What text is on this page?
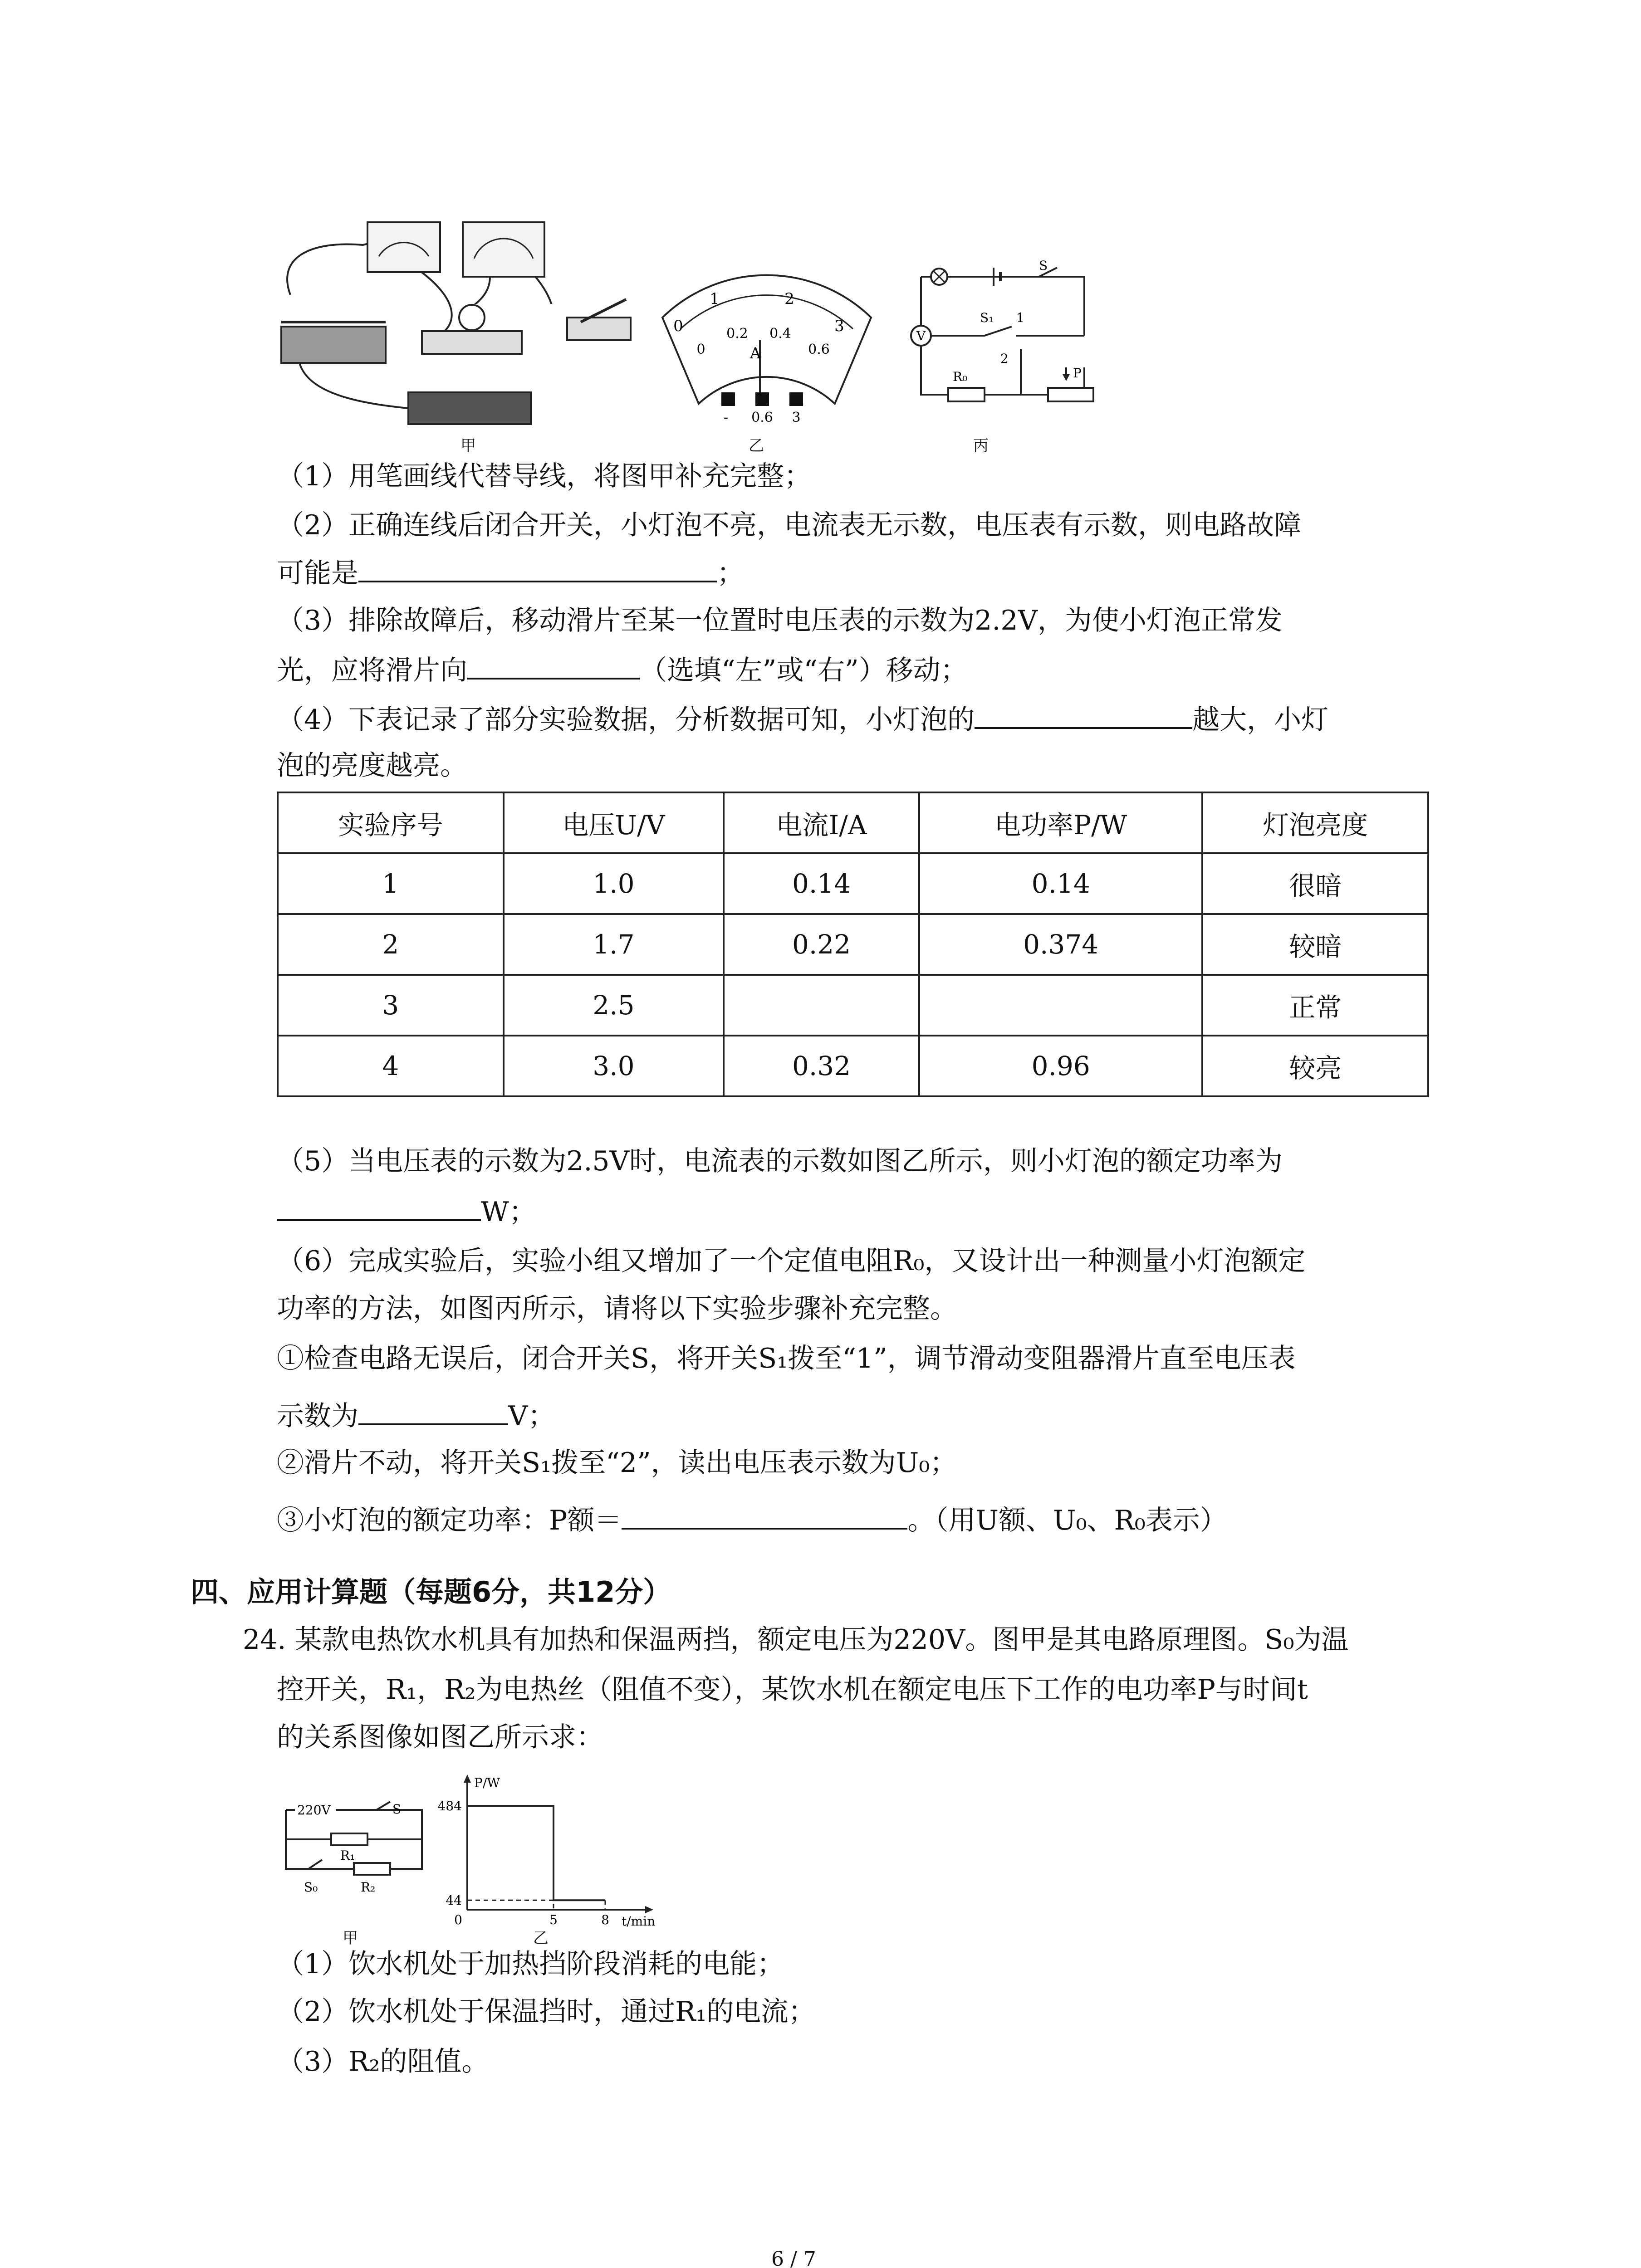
甲
1	2
3
0
0
0.2 0.4
0.6
A
- 0.6 3
乙
S
S₁ 1
2
V
R₀	P
丙
（1）用笔画线代替导线，将图甲补充完整；
（2）正确连线后闭合开关，小灯泡不亮，电流表无示数，电压表有示数，则电路故障
可能是	；
（3）排除故障后，移动滑片至某一位置时电压表的示数为2.2V，为使小灯泡正常发
光，应将滑片向	（选填“左”或“右”）移动；
（4）下表记录了部分实验数据，分析数据可知，小灯泡的	越大，小灯
泡的亮度越亮。
实验序号	电压U/V	电流I/A	电功率P/W	灯泡亮度
1	1.0	0.14	0.14	很暗
2	1.7	0.22	0.374	较暗
3	2.5			正常
4	3.0	0.32	0.96	较亮
（5）当电压表的示数为2.5V时，电流表的示数如图乙所示，则小灯泡的额定功率为
W；
（6）完成实验后，实验小组又增加了一个定值电阻R₀，又设计出一种测量小灯泡额定
功率的方法，如图丙所示，请将以下实验步骤补充完整。
①检查电路无误后，闭合开关S，将开关S₁拨至“1”，调节滑动变阻器滑片直至电压表
示数为	V；
②滑片不动，将开关S₁拨至“2”，读出电压表示数为U₀；
③小灯泡的额定功率：P额＝	。（用U额、U₀、R₀表示）
四、应用计算题（每题6分，共12分）
24. 某款电热饮水机具有加热和保温两挡，额定电压为220V。图甲是其电路原理图。S₀为温
控开关，R₁，R₂为电热丝（阻值不变），某饮水机在额定电压下工作的电功率P与时间t
的关系图像如图乙所示求：
220V	S
R₁
S₀	R₂
甲
P/W
t/min
44
484
0	5	8
乙
（1）饮水机处于加热挡阶段消耗的电能；
（2）饮水机处于保温挡时，通过R₁的电流；
（3）R₂的阻值。
6 / 7
